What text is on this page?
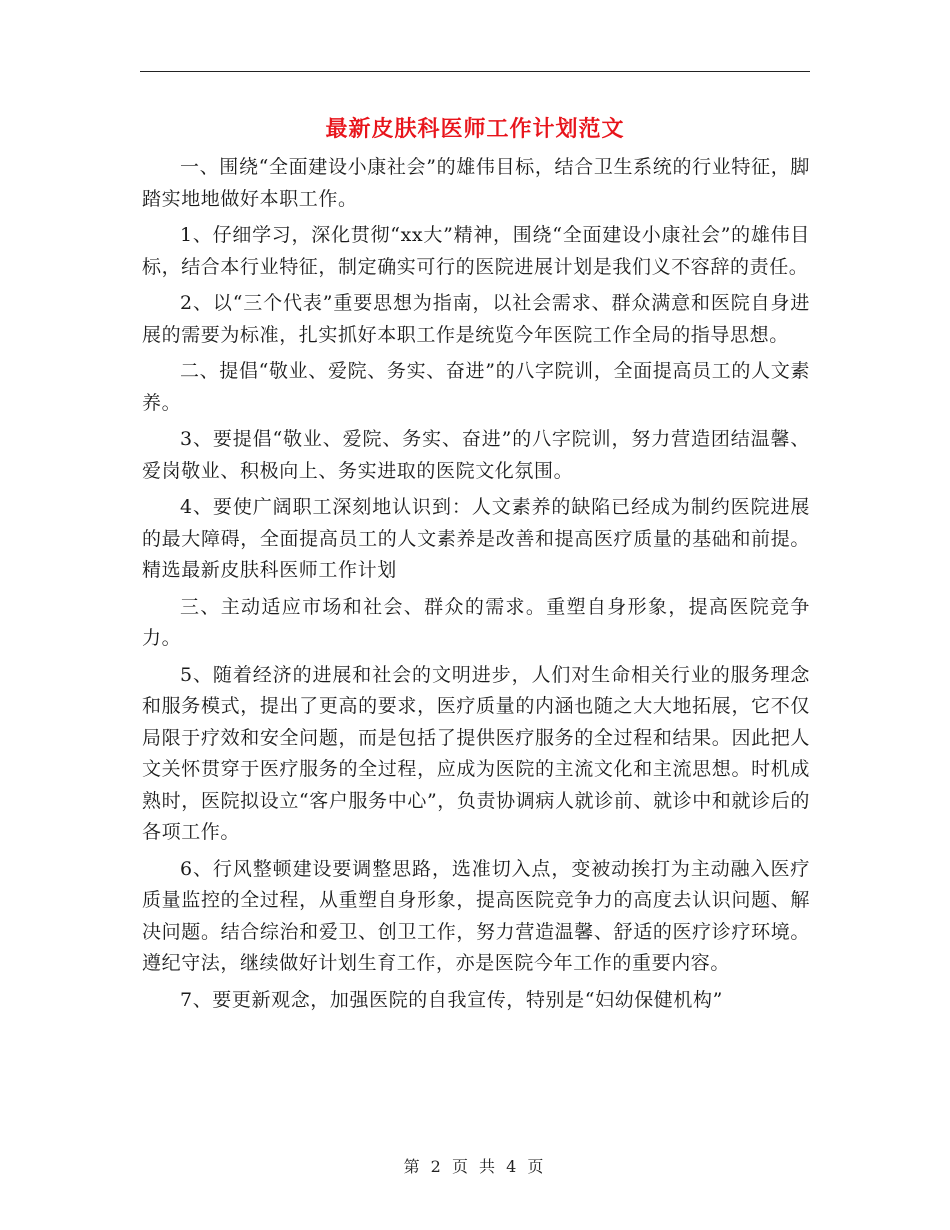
最新皮肤科医师工作计划范文

一、围绕“全面建设小康社会”的雄伟目标，结合卫生系统的行业特征，脚踏实地地做好本职工作。

1、仔细学习，深化贯彻“xx大”精神，围绕“全面建设小康社会”的雄伟目标，结合本行业特征，制定确实可行的医院进展计划是我们义不容辞的责任。

2、以“三个代表”重要思想为指南，以社会需求、群众满意和医院自身进展的需要为标准，扎实抓好本职工作是统览今年医院工作全局的指导思想。

二、提倡“敬业、爱院、务实、奋进”的八字院训，全面提高员工的人文素养。

3、要提倡“敬业、爱院、务实、奋进”的八字院训，努力营造团结温馨、爱岗敬业、积极向上、务实进取的医院文化氛围。

4、要使广阔职工深刻地认识到：人文素养的缺陷已经成为制约医院进展的最大障碍，全面提高员工的人文素养是改善和提高医疗质量的基础和前提。精选最新皮肤科医师工作计划

三、主动适应市场和社会、群众的需求。重塑自身形象，提高医院竞争力。

5、随着经济的进展和社会的文明进步，人们对生命相关行业的服务理念和服务模式，提出了更高的要求，医疗质量的内涵也随之大大地拓展，它不仅局限于疗效和安全问题，而是包括了提供医疗服务的全过程和结果。因此把人文关怀贯穿于医疗服务的全过程，应成为医院的主流文化和主流思想。时机成熟时，医院拟设立“客户服务中心”，负责协调病人就诊前、就诊中和就诊后的各项工作。

6、行风整顿建设要调整思路，选准切入点，变被动挨打为主动融入医疗质量监控的全过程，从重塑自身形象，提高医院竞争力的高度去认识问题、解决问题。结合综治和爱卫、创卫工作，努力营造温馨、舒适的医疗诊疗环境。遵纪守法，继续做好计划生育工作，亦是医院今年工作的重要内容。

7、要更新观念，加强医院的自我宣传，特别是“妇幼保健机构”

第 2 页 共 4 页
